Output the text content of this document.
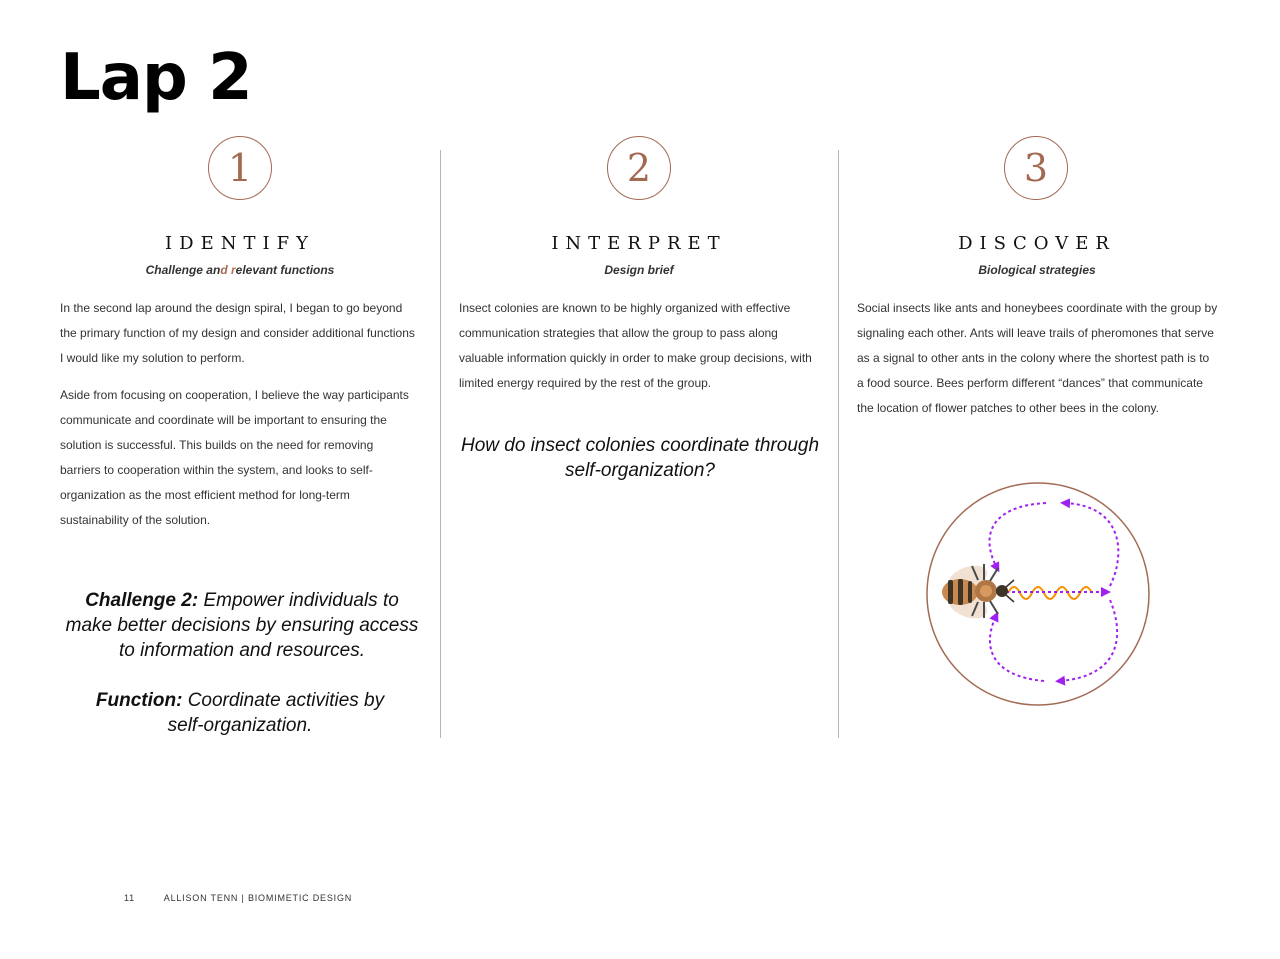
Lap 2
1
IDENTIFY
Challenge and relevant functions

In the second lap around the design spiral, I began to go beyond the primary function of my design and consider additional functions I would like my solution to perform.

Aside from focusing on cooperation, I believe the way participants communicate and coordinate will be important to ensuring the solution is successful. This builds on the need for removing barriers to cooperation within the system, and looks to self-organization as the most efficient method for long-term sustainability of the solution.

Challenge 2: Empower individuals to make better decisions by ensuring access to information and resources.
Function: Coordinate activities by self-organization.
2
INTERPRET
Design brief

Insect colonies are known to be highly organized with effective communication strategies that allow the group to pass along valuable information quickly in order to make group decisions, with limited energy required by the rest of the group.

How do insect colonies coordinate through self-organization?
3
DISCOVER
Biological strategies

Social insects like ants and honeybees coordinate with the group by signaling each other. Ants will leave trails of pheromones that serve as a signal to other ants in the colony where the shortest path is to a food source. Bees perform different “dances” that communicate the location of flower patches to other bees in the colony.

11	ALLISON TENN | BIOMIMETIC DESIGN
